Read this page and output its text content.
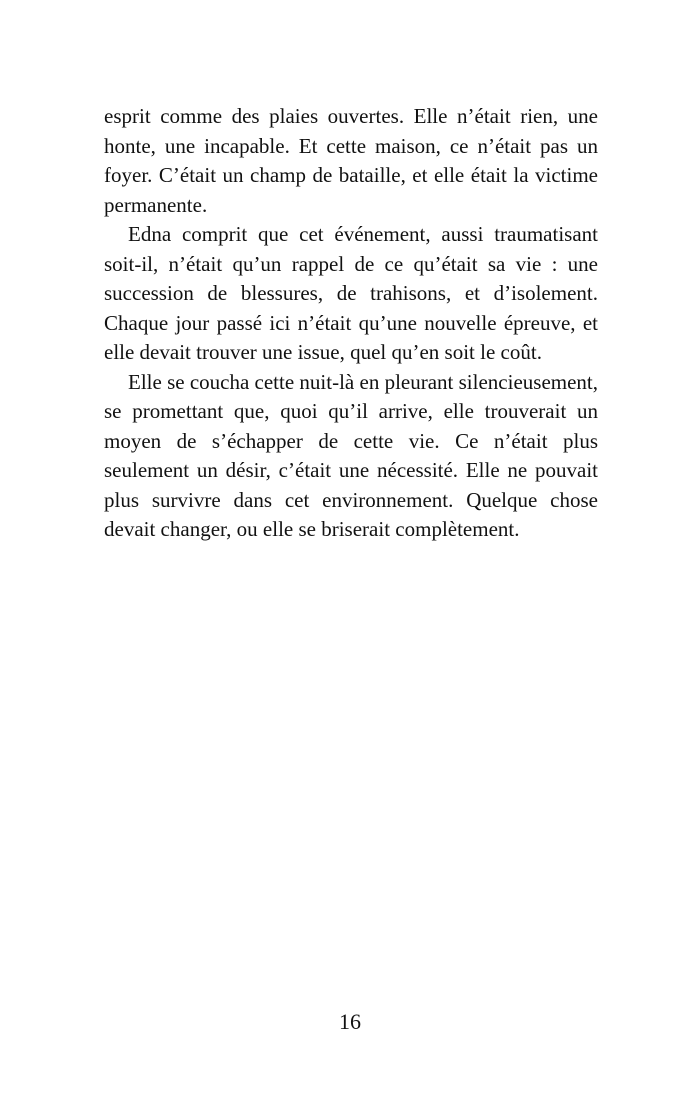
esprit comme des plaies ouvertes. Elle n’était rien, une honte, une incapable. Et cette maison, ce n’était pas un foyer. C’était un champ de bataille, et elle était la victime permanente.

Edna comprit que cet événement, aussi traumatisant soit-il, n’était qu’un rappel de ce qu’était sa vie : une succession de blessures, de trahisons, et d’isolement. Chaque jour passé ici n’était qu’une nouvelle épreuve, et elle devait trouver une issue, quel qu’en soit le coût.

Elle se coucha cette nuit-là en pleurant silencieusement, se promettant que, quoi qu’il arrive, elle trouverait un moyen de s’échapper de cette vie. Ce n’était plus seulement un désir, c’était une nécessité. Elle ne pouvait plus survivre dans cet environnement. Quelque chose devait changer, ou elle se briserait complètement.

16
